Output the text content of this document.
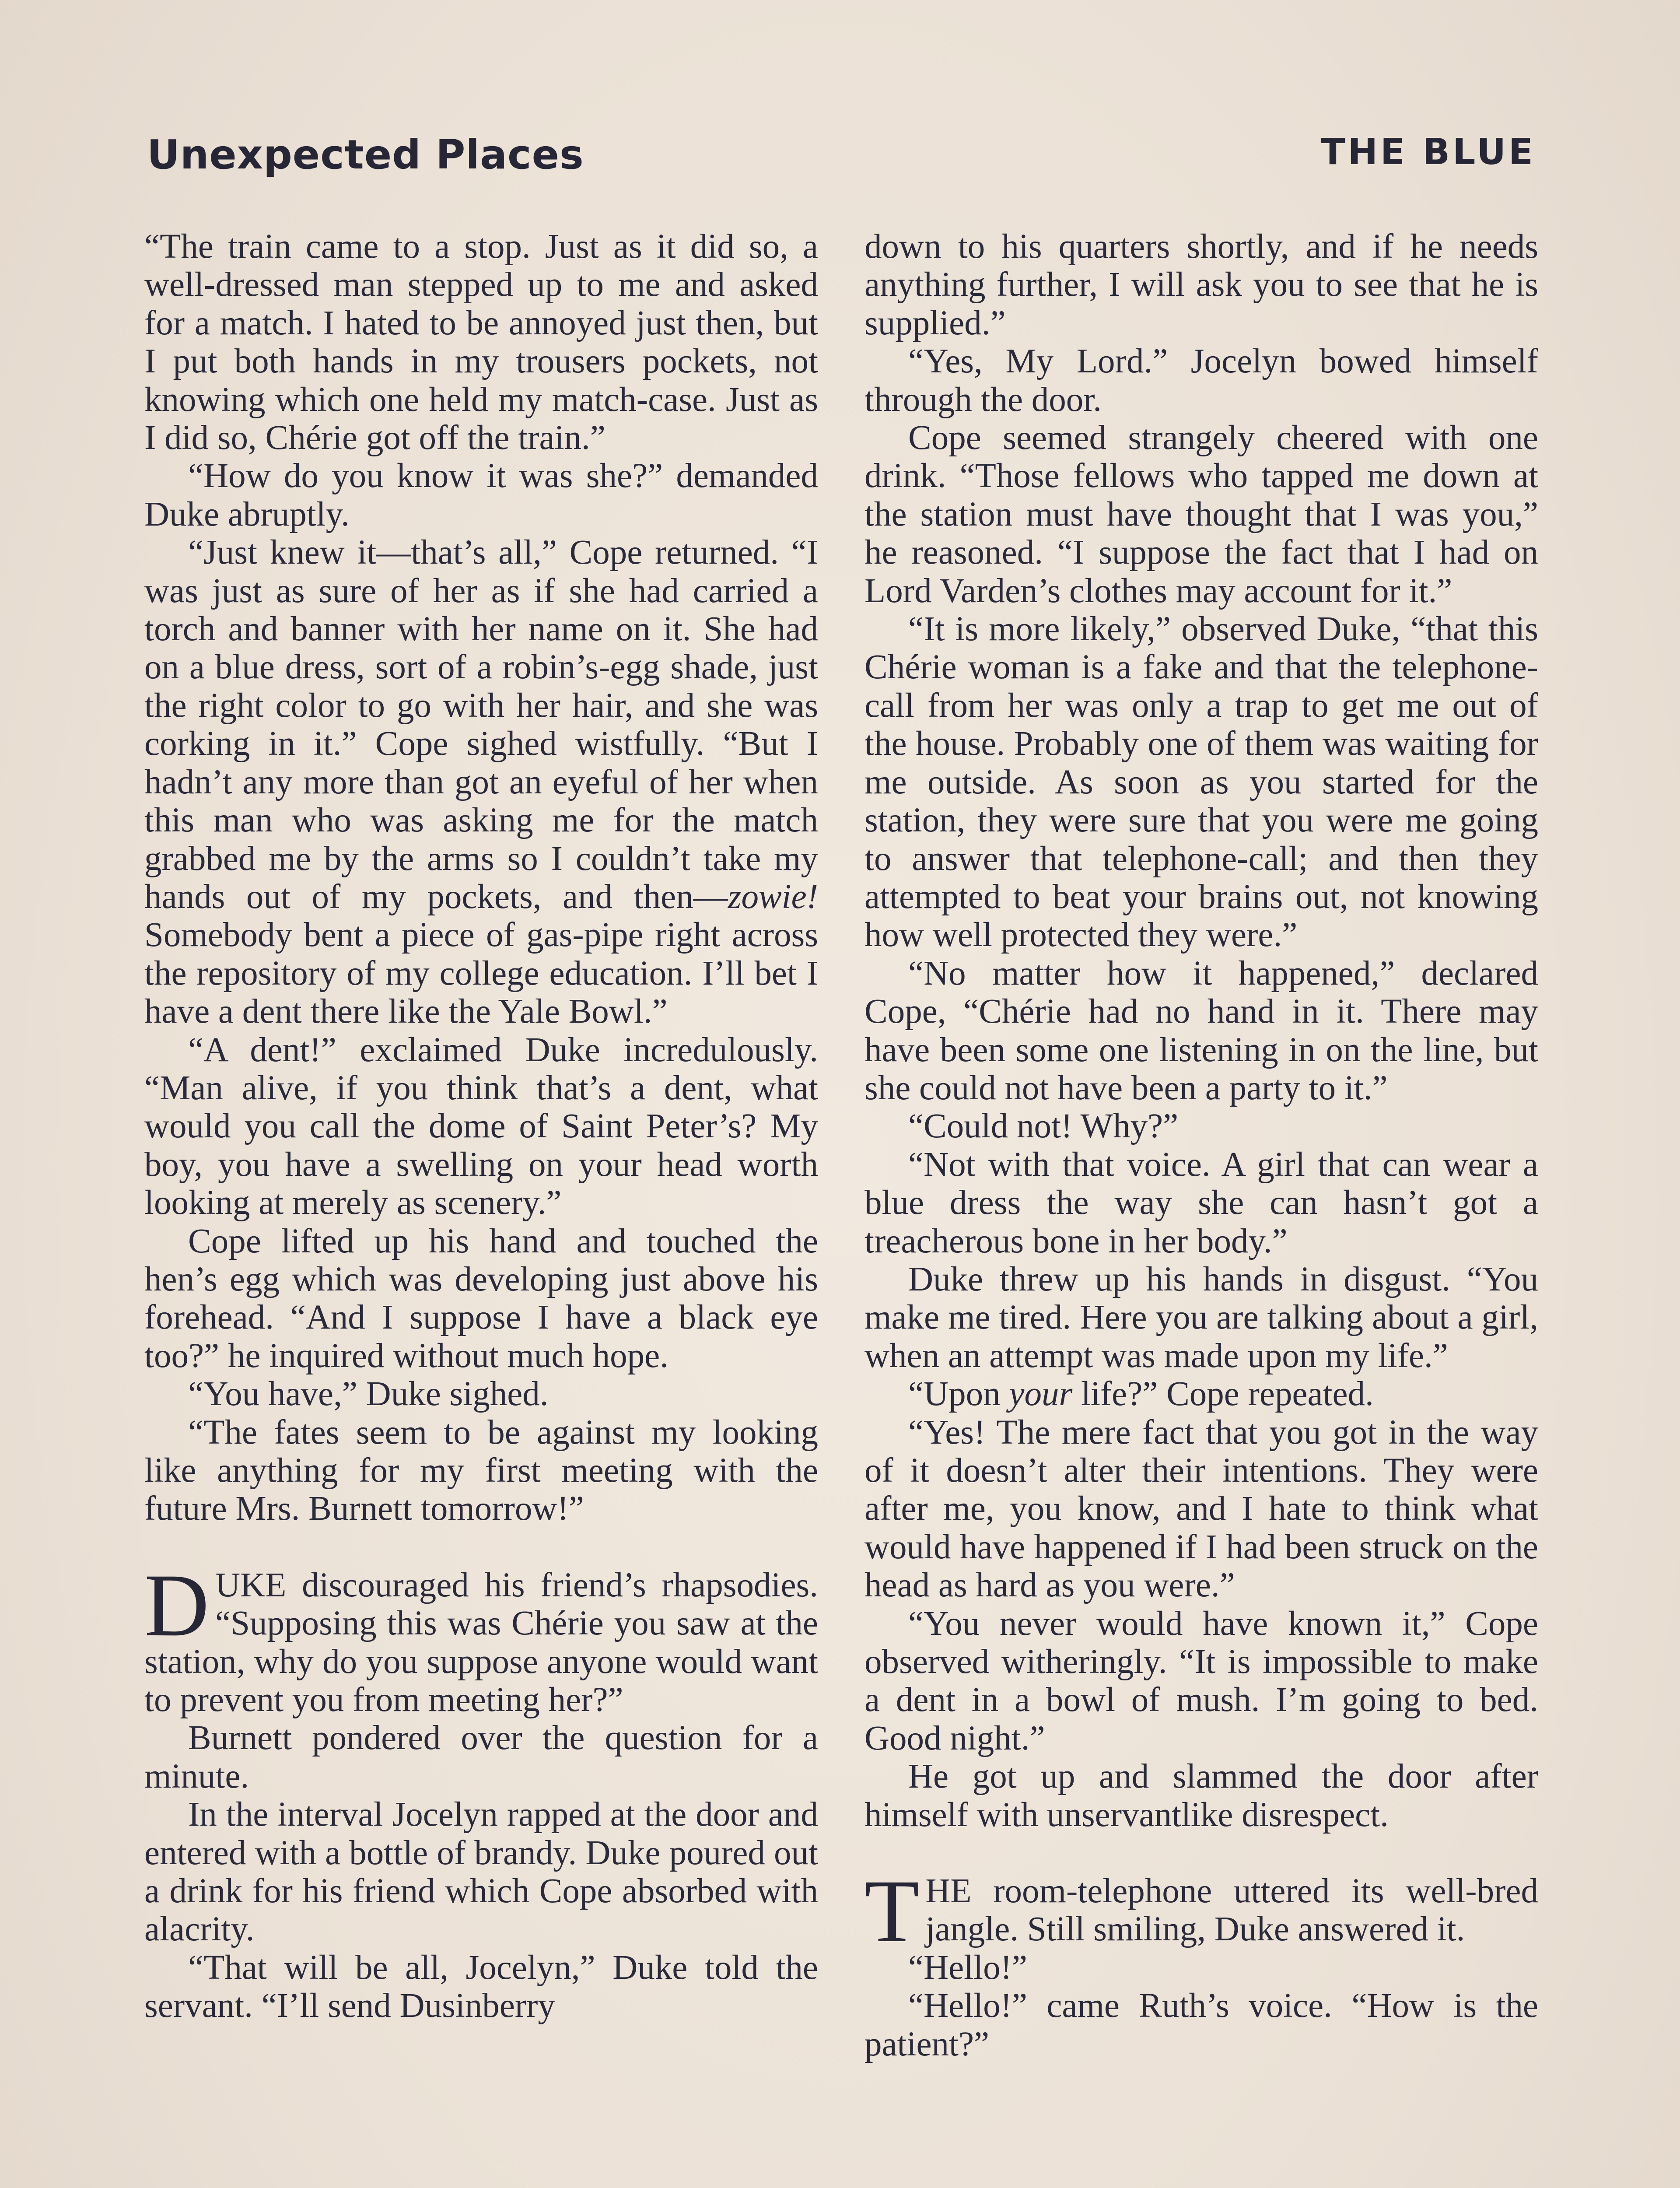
Unexpected Places	THE BLUE

“The train came to a stop. Just as it did so, a well-dressed man stepped up to me and asked for a match. I hated to be annoyed just then, but I put both hands in my trousers pockets, not knowing which one held my match-case. Just as I did so, Chérie got off the train.”

“How do you know it was she?” demanded Duke abruptly.

“Just knew it—that’s all,” Cope returned. “I was just as sure of her as if she had carried a torch and banner with her name on it. She had on a blue dress, sort of a robin’s-egg shade, just the right color to go with her hair, and she was corking in it.” Cope sighed wistfully. “But I hadn’t any more than got an eyeful of her when this man who was asking me for the match grabbed me by the arms so I couldn’t take my hands out of my pockets, and then—zowie! Somebody bent a piece of gas-pipe right across the repository of my college education. I’ll bet I have a dent there like the Yale Bowl.”

“A dent!” exclaimed Duke incredulously. “Man alive, if you think that’s a dent, what would you call the dome of Saint Peter’s? My boy, you have a swelling on your head worth looking at merely as scenery.”

Cope lifted up his hand and touched the hen’s egg which was developing just above his forehead. “And I suppose I have a black eye too?” he inquired without much hope.

“You have,” Duke sighed.

“The fates seem to be against my looking like anything for my first meeting with the future Mrs. Burnett tomorrow!”

DUKE discouraged his friend’s rhapsodies. “Supposing this was Chérie you saw at the station, why do you suppose anyone would want to prevent you from meeting her?”

Burnett pondered over the question for a minute.

In the interval Jocelyn rapped at the door and entered with a bottle of brandy. Duke poured out a drink for his friend which Cope absorbed with alacrity.

“That will be all, Jocelyn,” Duke told the servant. “I’ll send Dusinberry

down to his quarters shortly, and if he needs anything further, I will ask you to see that he is supplied.”

“Yes, My Lord.” Jocelyn bowed himself through the door.

Cope seemed strangely cheered with one drink. “Those fellows who tapped me down at the station must have thought that I was you,” he reasoned. “I suppose the fact that I had on Lord Varden’s clothes may account for it.”

“It is more likely,” observed Duke, “that this Chérie woman is a fake and that the telephone-call from her was only a trap to get me out of the house. Probably one of them was waiting for me outside. As soon as you started for the station, they were sure that you were me going to answer that telephone-call; and then they attempted to beat your brains out, not knowing how well protected they were.”

“No matter how it happened,” declared Cope, “Chérie had no hand in it. There may have been some one listening in on the line, but she could not have been a party to it.”

“Could not! Why?”

“Not with that voice. A girl that can wear a blue dress the way she can hasn’t got a treacherous bone in her body.”

Duke threw up his hands in disgust. “You make me tired. Here you are talking about a girl, when an attempt was made upon my life.”

“Upon your life?” Cope repeated.

“Yes! The mere fact that you got in the way of it doesn’t alter their intentions. They were after me, you know, and I hate to think what would have happened if I had been struck on the head as hard as you were.”

“You never would have known it,” Cope observed witheringly. “It is impossible to make a dent in a bowl of mush. I’m going to bed. Good night.”

He got up and slammed the door after himself with unservantlike disrespect.

THE room-telephone uttered its well-bred jangle. Still smiling, Duke answered it.

“Hello!”

“Hello!” came Ruth’s voice. “How is the patient?”
